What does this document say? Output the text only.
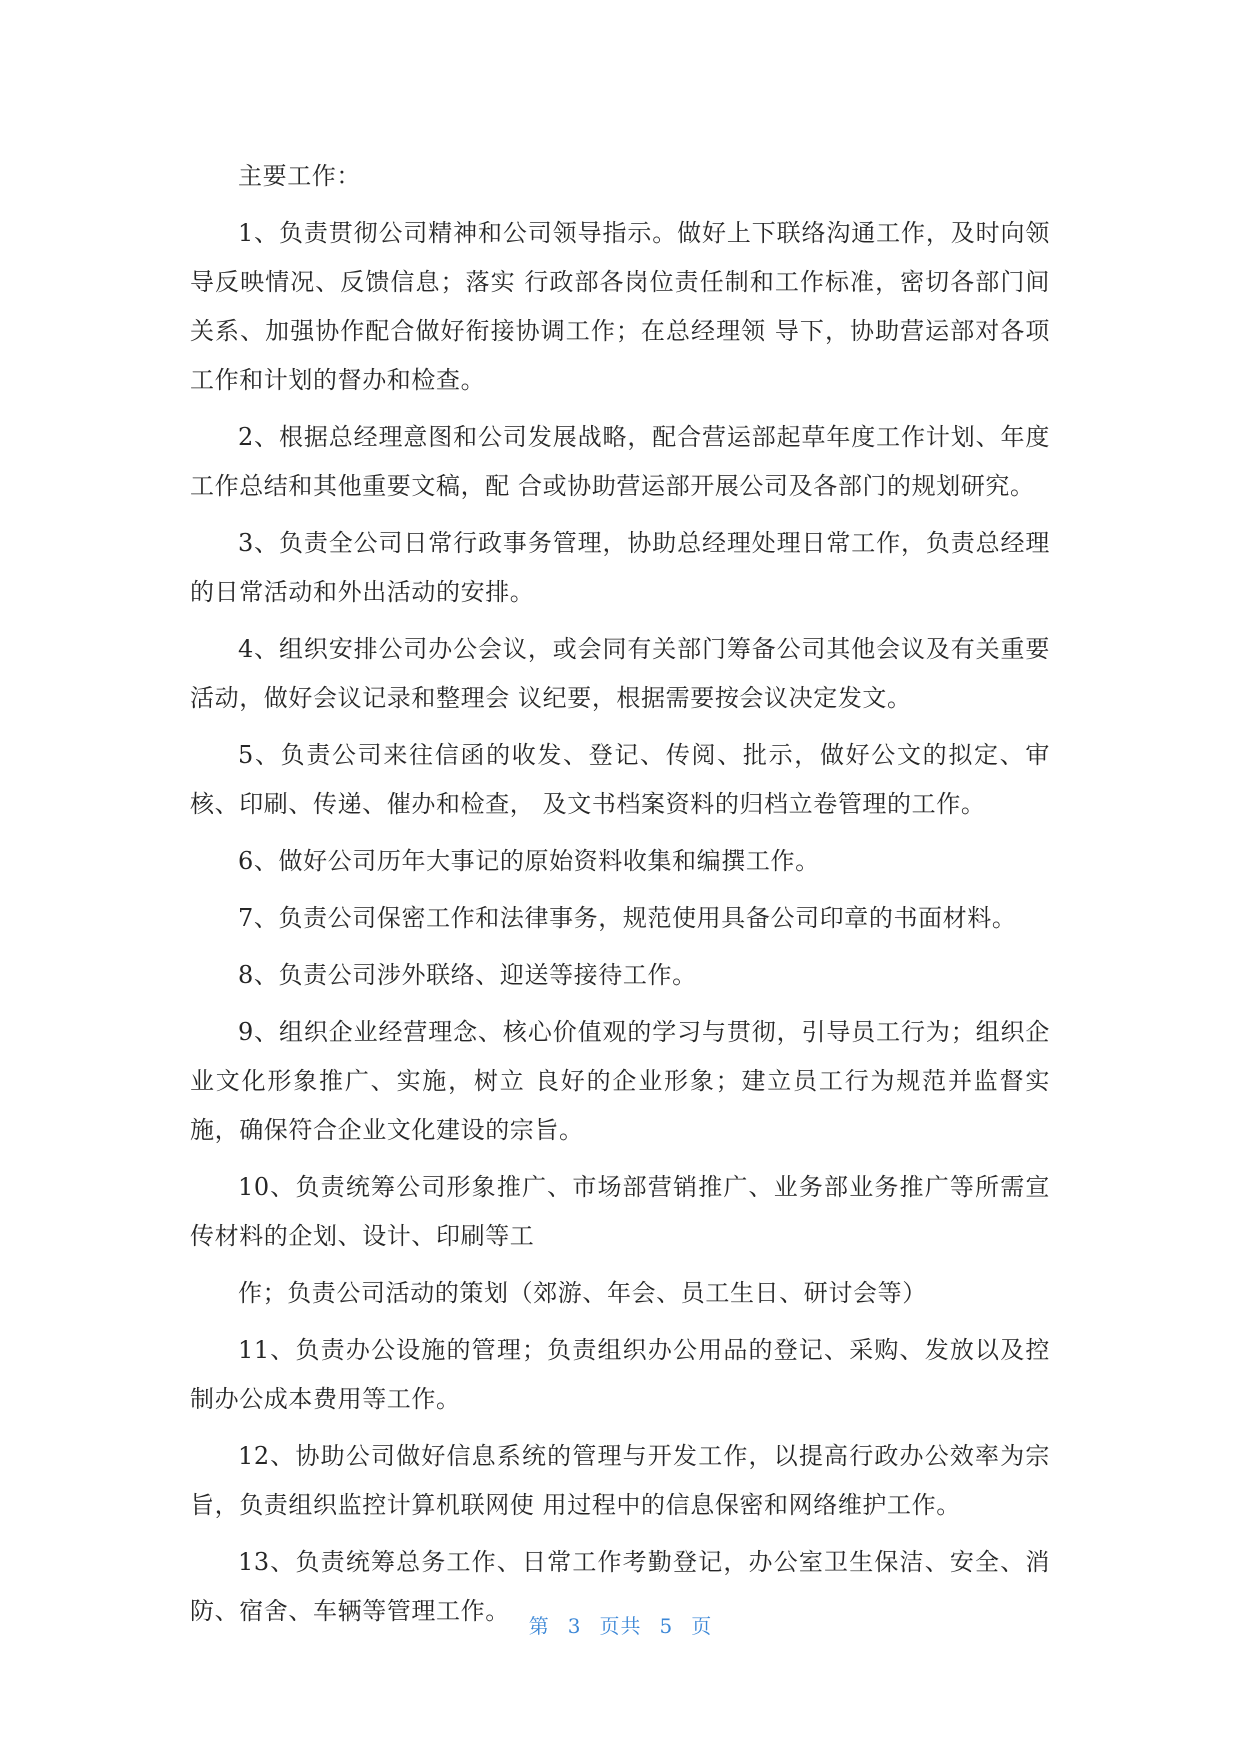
主要工作：

1、负责贯彻公司精神和公司领导指示。做好上下联络沟通工作，及时向领导反映情况、反馈信息；落实 行政部各岗位责任制和工作标准，密切各部门间关系、加强协作配合做好衔接协调工作；在总经理领 导下，协助营运部对各项工作和计划的督办和检查。

2、根据总经理意图和公司发展战略，配合营运部起草年度工作计划、年度工作总结和其他重要文稿，配 合或协助营运部开展公司及各部门的规划研究。

3、负责全公司日常行政事务管理，协助总经理处理日常工作，负责总经理的日常活动和外出活动的安排。

4、组织安排公司办公会议，或会同有关部门筹备公司其他会议及有关重要活动，做好会议记录和整理会 议纪要，根据需要按会议决定发文。

5、负责公司来往信函的收发、登记、传阅、批示，做好公文的拟定、审核、印刷、传递、催办和检查， 及文书档案资料的归档立卷管理的工作。

6、做好公司历年大事记的原始资料收集和编撰工作。

7、负责公司保密工作和法律事务，规范使用具备公司印章的书面材料。

8、负责公司涉外联络、迎送等接待工作。

9、组织企业经营理念、核心价值观的学习与贯彻，引导员工行为；组织企业文化形象推广、实施，树立 良好的企业形象；建立员工行为规范并监督实施，确保符合企业文化建设的宗旨。

10、负责统筹公司形象推广、市场部营销推广、业务部业务推广等所需宣传材料的企划、设计、印刷等工

作；负责公司活动的策划（郊游、年会、员工生日、研讨会等）

11、负责办公设施的管理；负责组织办公用品的登记、采购、发放以及控制办公成本费用等工作。

12、协助公司做好信息系统的管理与开发工作，以提高行政办公效率为宗旨，负责组织监控计算机联网使 用过程中的信息保密和网络维护工作。

13、负责统筹总务工作、日常工作考勤登记，办公室卫生保洁、安全、消防、宿舍、车辆等管理工作。

第 3 页共 5 页
